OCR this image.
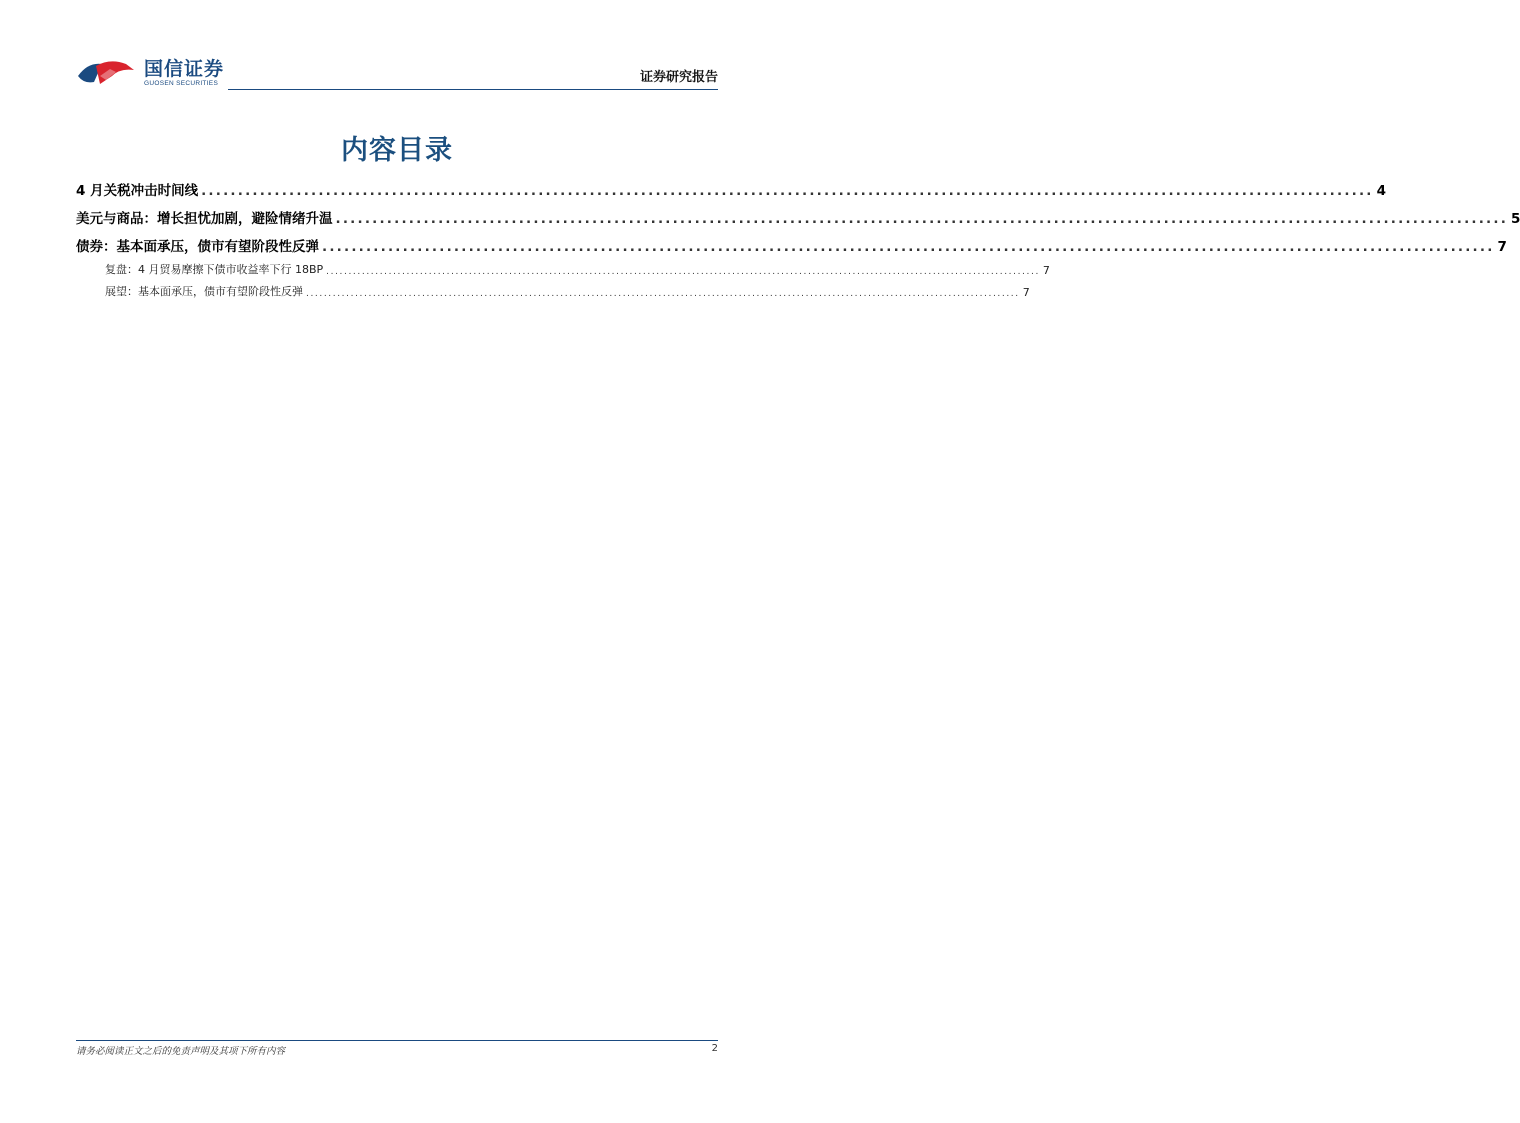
国信证券
GUOSEN SECURITIES	证券研究报告
内容目录
4 月关税冲击时间线 ................................................................................................................................................................ 4
美元与商品：增长担忧加剧，避险情绪升温 ................................................................................................................................................................ 5
债券：基本面承压，债市有望阶段性反弹 ................................................................................................................................................................ 7
复盘：4 月贸易摩擦下债市收益率下行 18BP ................................................................................................................................................................ 7
展望：基本面承压，债市有望阶段性反弹 ................................................................................................................................................................ 7
请务必阅读正文之后的免责声明及其项下所有内容	2
